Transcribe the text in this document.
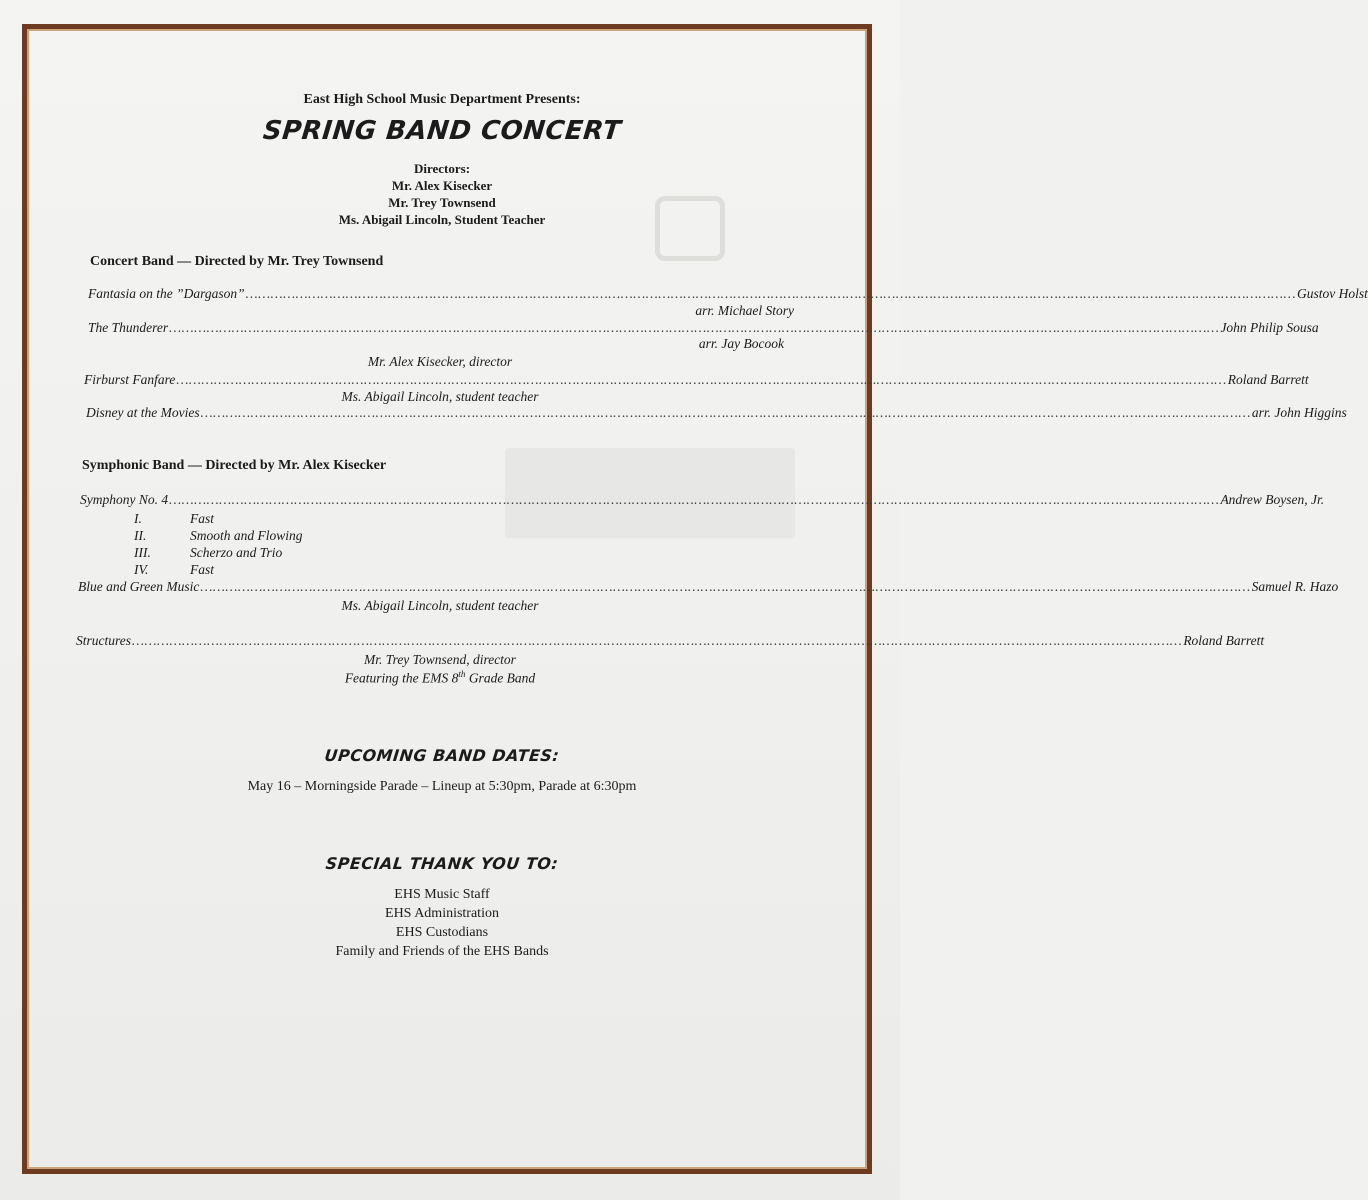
East High School Music Department Presents:
SPRING BAND CONCERT
Directors:
Mr. Alex Kisecker
Mr. Trey Townsend
Ms. Abigail Lincoln, Student Teacher
Concert Band — Directed by Mr. Trey Townsend
Fantasia on the ”Dargason” ……………………………………………………………………………………………………………………………………………………………………………………………………………………………… Gustov Holst
arr. Michael Story
The Thunderer ……………………………………………………………………………………………………………………………………………………………………………………………………………………………… John Philip Sousa
arr. Jay Bocook
Mr. Alex Kisecker, director
Firburst Fanfare ……………………………………………………………………………………………………………………………………………………………………………………………………………………………… Roland Barrett
Ms. Abigail Lincoln, student teacher
Disney at the Movies ……………………………………………………………………………………………………………………………………………………………………………………………………………………………… arr. John Higgins
Symphonic Band — Directed by Mr. Alex Kisecker
Symphony No. 4 ……………………………………………………………………………………………………………………………………………………………………………………………………………………………… Andrew Boysen, Jr.
I.	Fast
II.	Smooth and Flowing
III.	Scherzo and Trio
IV.	Fast
Blue and Green Music ……………………………………………………………………………………………………………………………………………………………………………………………………………………………… Samuel R. Hazo
Ms. Abigail Lincoln, student teacher
Structures ……………………………………………………………………………………………………………………………………………………………………………………………………………………………… Roland Barrett
Mr. Trey Townsend, director
Featuring the EMS 8th Grade Band
UPCOMING BAND DATES:
May 16 – Morningside Parade – Lineup at 5:30pm, Parade at 6:30pm
SPECIAL THANK YOU TO:
EHS Music Staff
EHS Administration
EHS Custodians
Family and Friends of the EHS Bands
